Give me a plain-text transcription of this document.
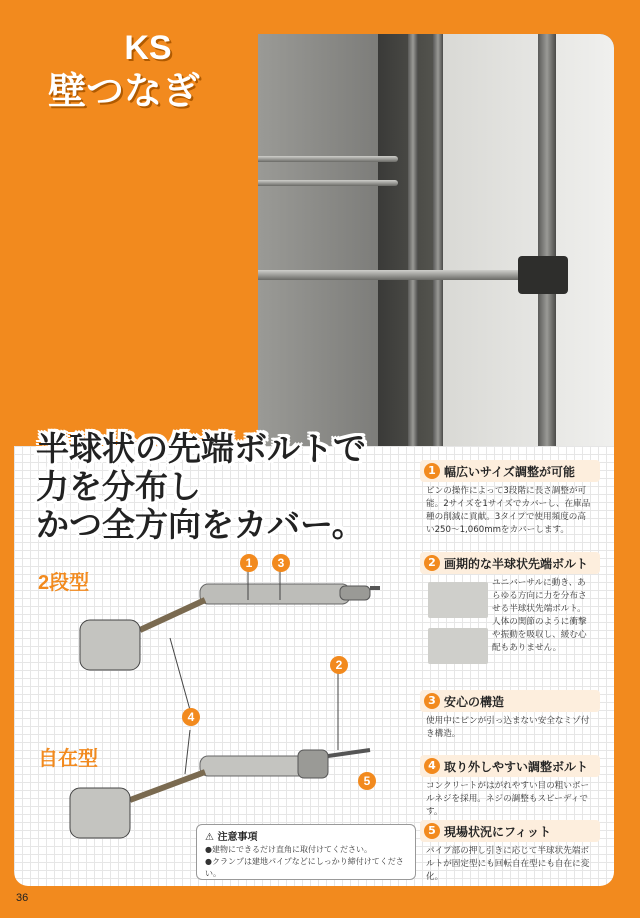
KS
壁つなぎ
半球状の先端ボルトで
力を分布し
かつ全方向をカバー。
2段型
自在型
1	3
2
4
5
1 幅広いサイズ調整が可能
ピンの操作によって3段階に長さ調整が可能。2サイズを1サイズでカバーし、在庫品種の削減に貢献。3タイプで使用頻度の高い250～1,060mmをカバーします。
2 画期的な半球状先端ボルト
ユニバーサルに動き、あらゆる方向に力を分布させる半球状先端ボルト。人体の関節のように衝撃や振動を吸収し、緩む心配もありません。
3 安心の構造
使用中にピンが引っ込まない安全なミゾ付き構造。
4 取り外しやすい調整ボルト
コンクリートがはがれやすい目の粗いボールネジを採用。ネジの調整もスピーディです。
5 現場状況にフィット
パイプ部の押し引きに応じて半球状先端ボルトが固定型にも回転自在型にも自在に変化。
⚠ 注意事項
●建物にできるだけ直角に取付けてください。
●クランプは建地パイプなどにしっかり締付けてください。
36
